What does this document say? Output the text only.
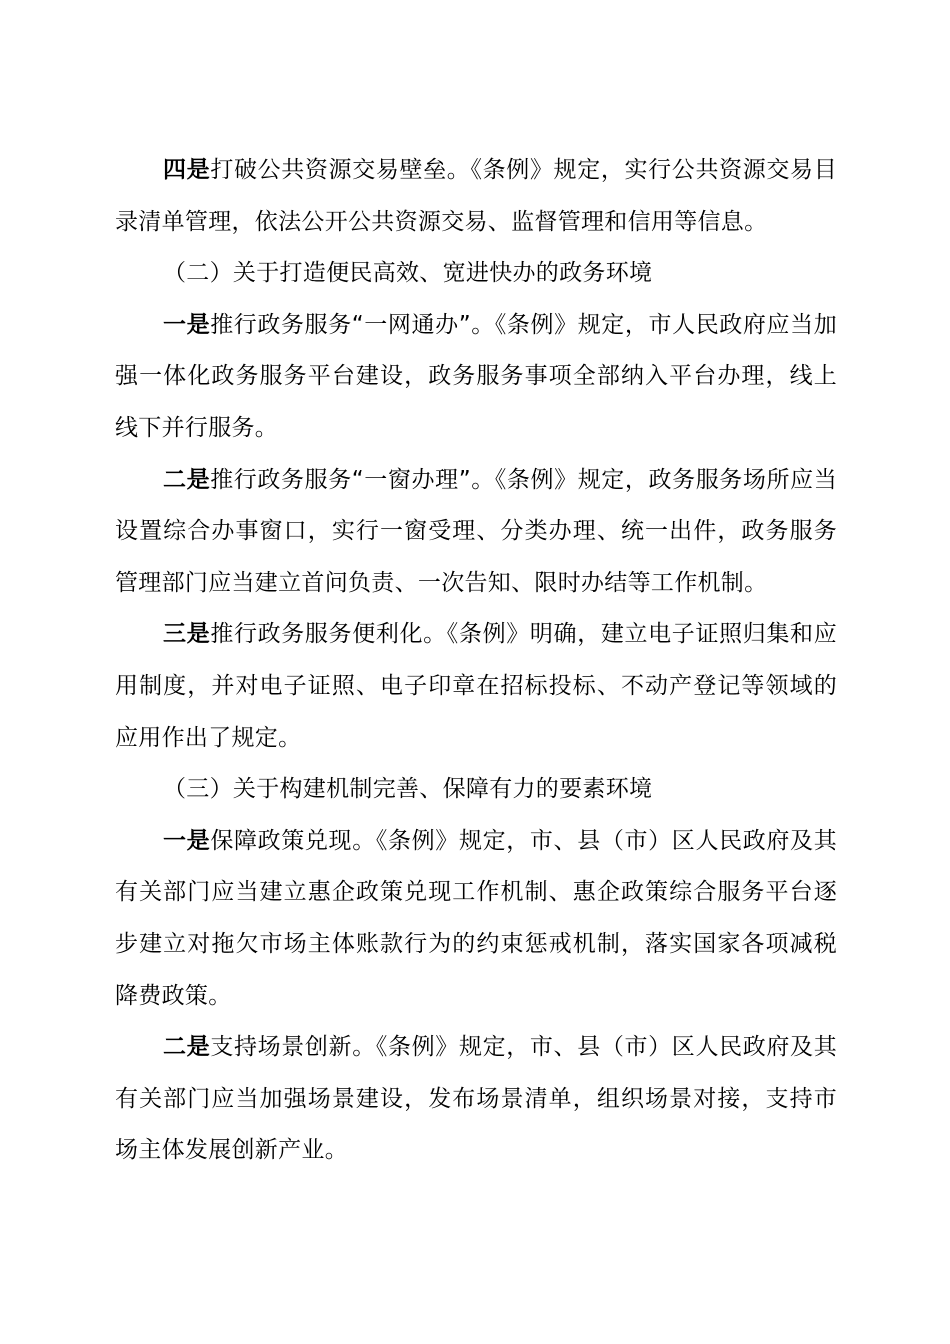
四是打破公共资源交易壁垒。《条例》规定，实行公共资源交易目录清单管理，依法公开公共资源交易、监督管理和信用等信息。

（二）关于打造便民高效、宽进快办的政务环境

一是推行政务服务“一网通办”。《条例》规定，市人民政府应当加强一体化政务服务平台建设，政务服务事项全部纳入平台办理，线上线下并行服务。

二是推行政务服务“一窗办理”。《条例》规定，政务服务场所应当设置综合办事窗口，实行一窗受理、分类办理、统一出件，政务服务管理部门应当建立首问负责、一次告知、限时办结等工作机制。

三是推行政务服务便利化。《条例》明确，建立电子证照归集和应用制度，并对电子证照、电子印章在招标投标、不动产登记等领域的应用作出了规定。

（三）关于构建机制完善、保障有力的要素环境

一是保障政策兑现。《条例》规定，市、县（市）区人民政府及其有关部门应当建立惠企政策兑现工作机制、惠企政策综合服务平台逐步建立对拖欠市场主体账款行为的约束惩戒机制，落实国家各项减税降费政策。

二是支持场景创新。《条例》规定，市、县（市）区人民政府及其有关部门应当加强场景建设，发布场景清单，组织场景对接，支持市场主体发展创新产业。
